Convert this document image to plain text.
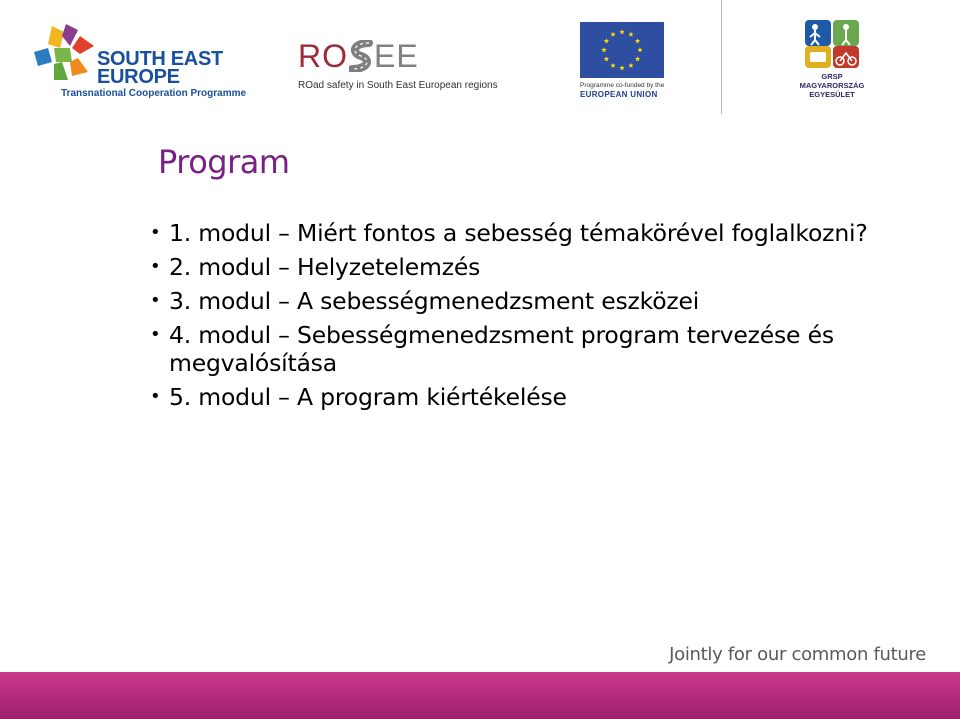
SOUTH EAST
EUROPE
Transnational Cooperation Programme
RO EE
ROad safety in South East European regions	Programme co-funded by the
EUROPEAN UNION
GRSP
MAGYARORSZÁG
EGYESÜLET
Program
• 1. modul – Miért fontos a sebesség témakörével foglalkozni?
• 2. modul – Helyzetelemzés
• 3. modul – A sebességmenedzsment eszközei
• 4. modul – Sebességmenedzsment program tervezése és megvalósítása
• 5. modul – A program kiértékelése
Jointly for our common future
